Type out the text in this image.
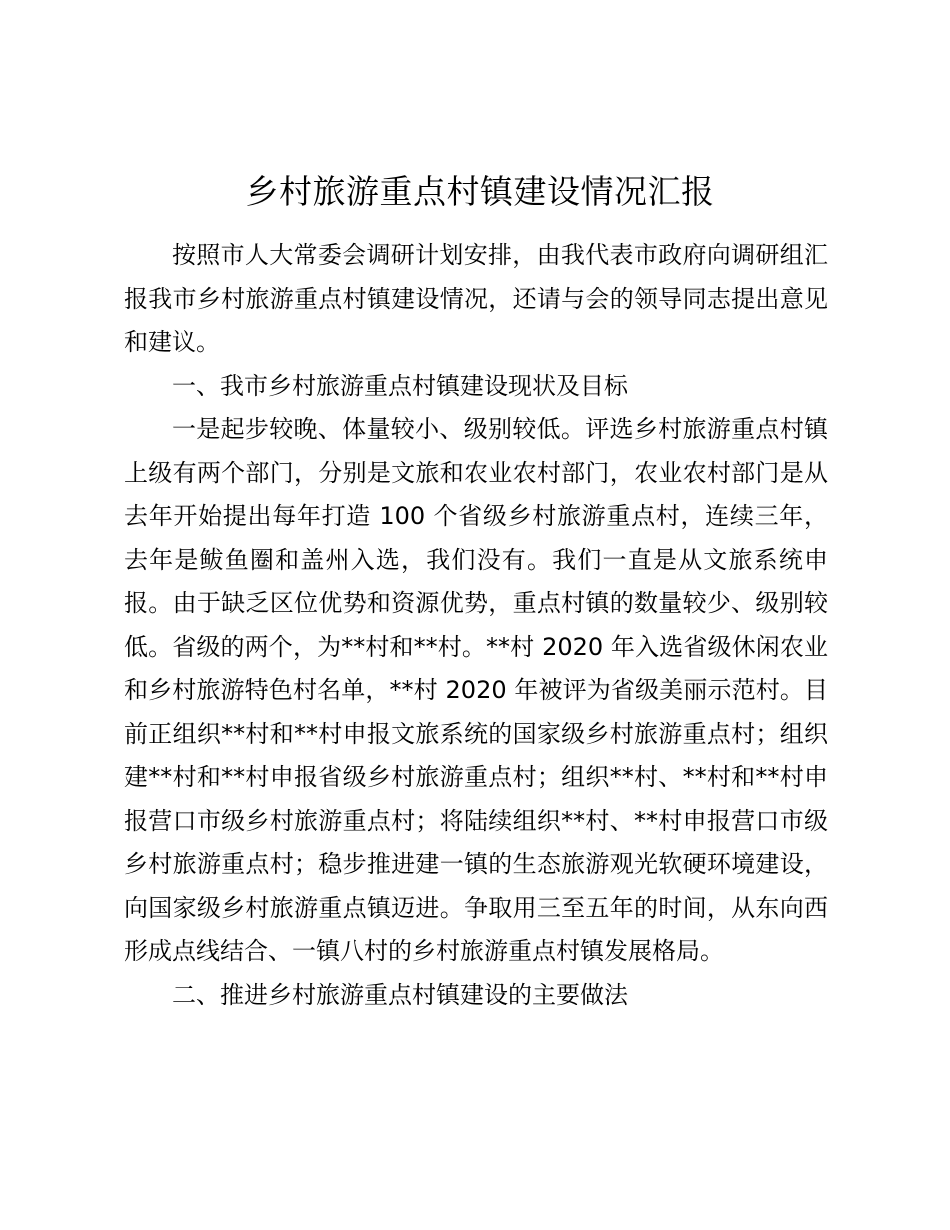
乡村旅游重点村镇建设情况汇报

按照市人大常委会调研计划安排，由我代表市政府向调研组汇报我市乡村旅游重点村镇建设情况，还请与会的领导同志提出意见和建议。

一、我市乡村旅游重点村镇建设现状及目标

一是起步较晚、体量较小、级别较低。评选乡村旅游重点村镇上级有两个部门，分别是文旅和农业农村部门，农业农村部门是从去年开始提出每年打造 100 个省级乡村旅游重点村，连续三年，去年是鲅鱼圈和盖州入选，我们没有。我们一直是从文旅系统申报。由于缺乏区位优势和资源优势，重点村镇的数量较少、级别较低。省级的两个，为**村和**村。**村 2020 年入选省级休闲农业和乡村旅游特色村名单，**村 2020 年被评为省级美丽示范村。目前正组织**村和**村申报文旅系统的国家级乡村旅游重点村；组织建**村和**村申报省级乡村旅游重点村；组织**村、**村和**村申报营口市级乡村旅游重点村；将陆续组织**村、**村申报营口市级乡村旅游重点村；稳步推进建一镇的生态旅游观光软硬环境建设，向国家级乡村旅游重点镇迈进。争取用三至五年的时间，从东向西形成点线结合、一镇八村的乡村旅游重点村镇发展格局。

二、推进乡村旅游重点村镇建设的主要做法
